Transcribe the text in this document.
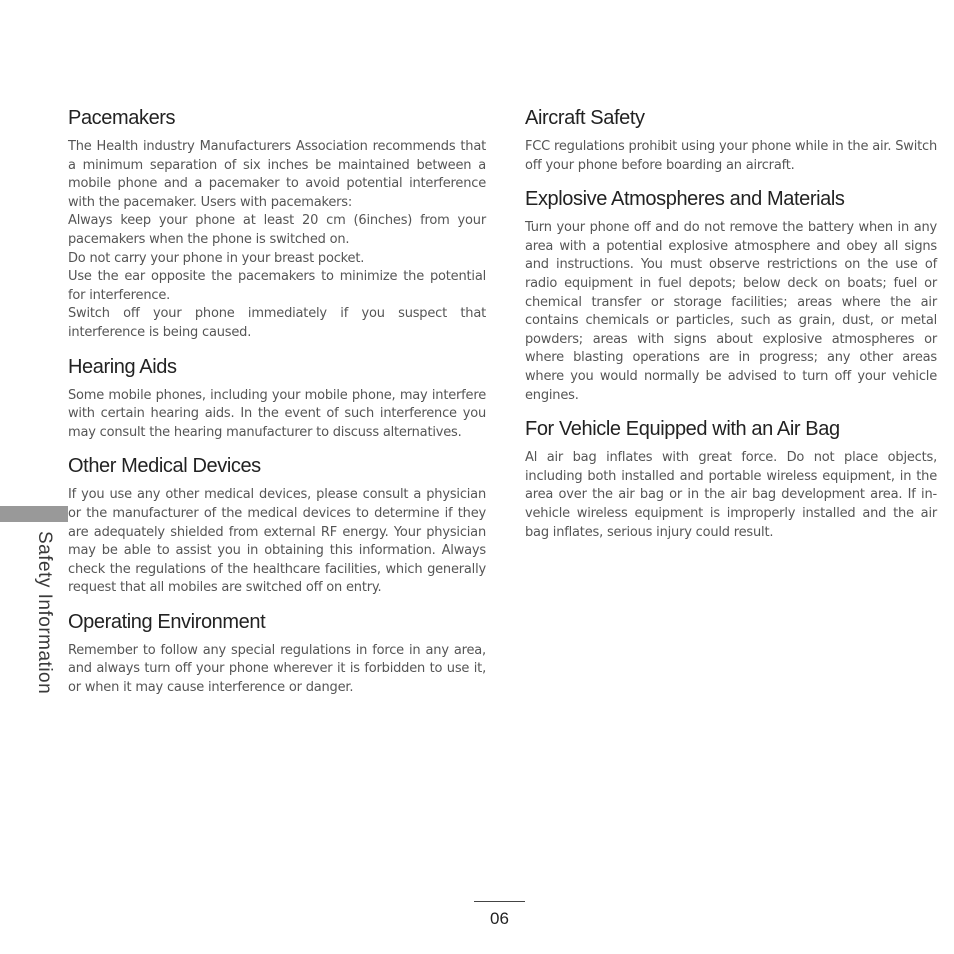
Safety Information
Pacemakers
The Health industry Manufacturers Association recommends that a minimum separation of six inches be maintained between a mobile phone and a pacemaker to avoid potential interference with the pacemaker. Users with pacemakers:
Always keep your phone at least 20 cm (6inches) from your pacemakers when the phone is switched on.
Do not carry your phone in your breast pocket.
Use the ear opposite the pacemakers to minimize the potential for interference.
Switch off your phone immediately if you suspect that interference is being caused.
Hearing Aids
Some mobile phones, including your mobile phone, may interfere with certain hearing aids. In the event of such interference you may consult the hearing manufacturer to discuss alternatives.
Other Medical Devices
If you use any other medical devices, please consult a physician or the manufacturer of the medical devices to determine if they are adequately shielded from external RF energy. Your physician may be able to assist you in obtaining this information. Always check the regulations of the healthcare facilities, which generally request that all mobiles are switched off on entry.
Operating Environment
Remember to follow any special regulations in force in any area, and always turn off your phone wherever it is forbidden to use it, or when it may cause interference or danger.
Aircraft Safety
FCC regulations prohibit using your phone while in the air. Switch off your phone before boarding an aircraft.
Explosive Atmospheres and Materials
Turn your phone off and do not remove the battery when in any area with a potential explosive atmosphere and obey all signs and instructions. You must observe restrictions on the use of radio equipment in fuel depots; below deck on boats; fuel or chemical transfer or storage facilities; areas where the air contains chemicals or particles, such as grain, dust, or metal powders; areas with signs about explosive atmospheres or where blasting operations are in progress; any other areas where you would normally be advised to turn off your vehicle engines.
For Vehicle Equipped with an Air Bag
Al air bag inflates with great force. Do not place objects, including both installed and portable wireless equipment, in the area over the air bag or in the air bag development area. If in-vehicle wireless equipment is improperly installed and the air bag inflates, serious injury could result.
06
